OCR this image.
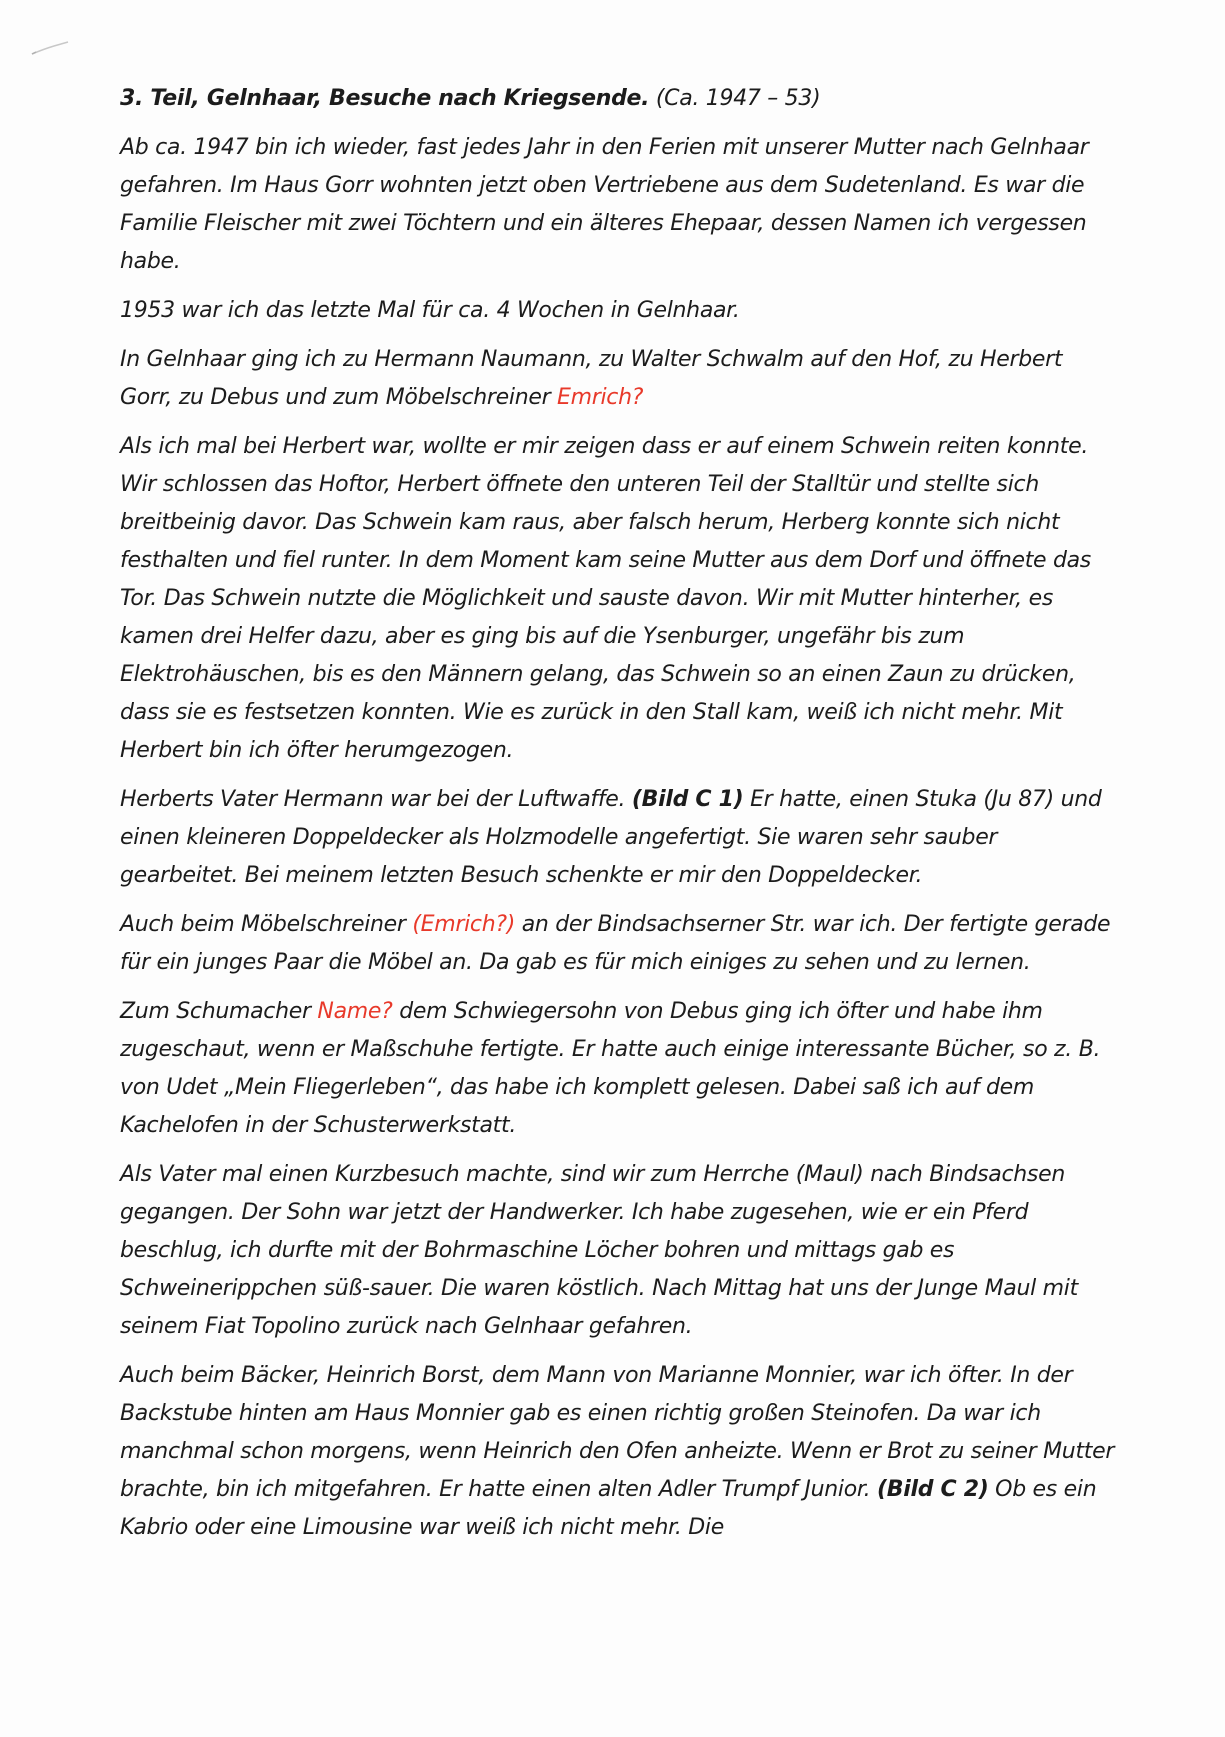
3. Teil, Gelnhaar, Besuche nach Kriegsende. (Ca. 1947 – 53)

Ab ca. 1947 bin ich wieder, fast jedes Jahr in den Ferien mit unserer Mutter nach Gelnhaar gefahren. Im Haus Gorr wohnten jetzt oben Vertriebene aus dem Sudetenland. Es war die Familie Fleischer mit zwei Töchtern und ein älteres Ehepaar, dessen Namen ich vergessen habe.

1953 war ich das letzte Mal für ca. 4 Wochen in Gelnhaar.

In Gelnhaar ging ich zu Hermann Naumann, zu Walter Schwalm auf den Hof, zu Herbert Gorr, zu Debus und zum Möbelschreiner Emrich?

Als ich mal bei Herbert war, wollte er mir zeigen dass er auf einem Schwein reiten konnte. Wir schlossen das Hoftor, Herbert öffnete den unteren Teil der Stalltür und stellte sich breitbeinig davor. Das Schwein kam raus, aber falsch herum, Herberg konnte sich nicht festhalten und fiel runter. In dem Moment kam seine Mutter aus dem Dorf und öffnete das Tor. Das Schwein nutzte die Möglichkeit und sauste davon. Wir mit Mutter hinterher, es kamen drei Helfer dazu, aber es ging bis auf die Ysenburger, ungefähr bis zum Elektrohäuschen, bis es den Männern gelang, das Schwein so an einen Zaun zu drücken, dass sie es festsetzen konnten. Wie es zurück in den Stall kam, weiß ich nicht mehr. Mit Herbert bin ich öfter herumgezogen.

Herberts Vater Hermann war bei der Luftwaffe. (Bild C 1) Er hatte, einen Stuka (Ju 87) und einen kleineren Doppeldecker als Holzmodelle angefertigt. Sie waren sehr sauber gearbeitet. Bei meinem letzten Besuch schenkte er mir den Doppeldecker.

Auch beim Möbelschreiner (Emrich?) an der Bindsachserner Str. war ich. Der fertigte gerade für ein junges Paar die Möbel an. Da gab es für mich einiges zu sehen und zu lernen.

Zum Schumacher Name? dem Schwiegersohn von Debus ging ich öfter und habe ihm zugeschaut, wenn er Maßschuhe fertigte. Er hatte auch einige interessante Bücher, so z. B. von Udet „Mein Fliegerleben“, das habe ich komplett gelesen. Dabei saß ich auf dem Kachelofen in der Schusterwerkstatt.

Als Vater mal einen Kurzbesuch machte, sind wir zum Herrche (Maul) nach Bindsachsen gegangen. Der Sohn war jetzt der Handwerker. Ich habe zugesehen, wie er ein Pferd beschlug, ich durfte mit der Bohrmaschine Löcher bohren und mittags gab es Schweinerippchen süß-sauer. Die waren köstlich. Nach Mittag hat uns der Junge Maul mit seinem Fiat Topolino zurück nach Gelnhaar gefahren.

Auch beim Bäcker, Heinrich Borst, dem Mann von Marianne Monnier, war ich öfter. In der Backstube hinten am Haus Monnier gab es einen richtig großen Steinofen. Da war ich manchmal schon morgens, wenn Heinrich den Ofen anheizte. Wenn er Brot zu seiner Mutter brachte, bin ich mitgefahren. Er hatte einen alten Adler Trumpf Junior. (Bild C 2) Ob es ein Kabrio oder eine Limousine war weiß ich nicht mehr. Die
